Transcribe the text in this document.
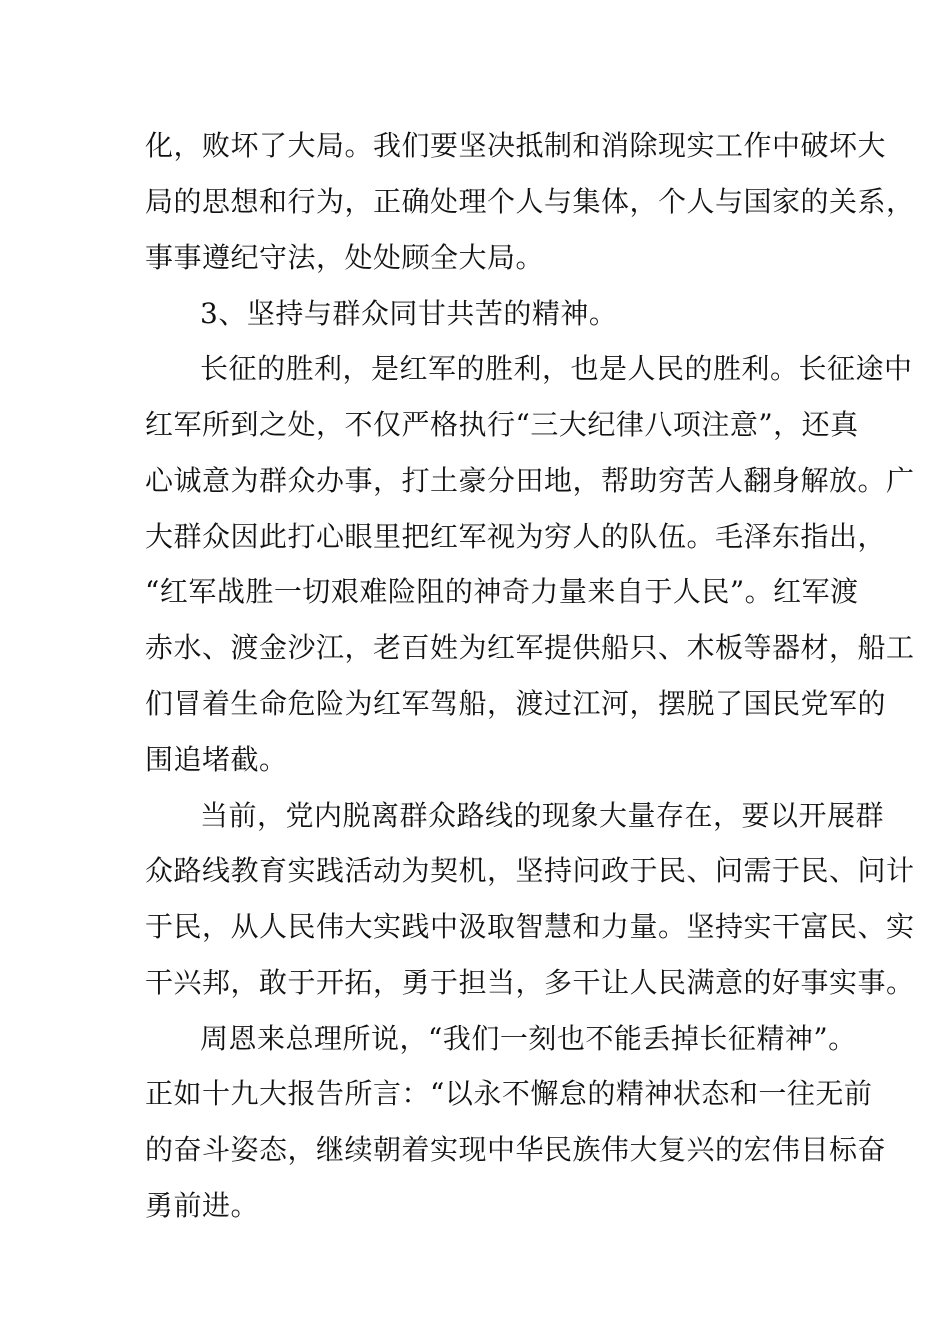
化，败坏了大局。我们要坚决抵制和消除现实工作中破坏大
局的思想和行为，正确处理个人与集体，个人与国家的关系，
事事遵纪守法，处处顾全大局。
3、坚持与群众同甘共苦的精神。
长征的胜利，是红军的胜利，也是人民的胜利。长征途中
红军所到之处，不仅严格执行“三大纪律八项注意”，还真
心诚意为群众办事，打土豪分田地，帮助穷苦人翻身解放。广
大群众因此打心眼里把红军视为穷人的队伍。毛泽东指出，
“红军战胜一切艰难险阻的神奇力量来自于人民”。红军渡
赤水、渡金沙江，老百姓为红军提供船只、木板等器材，船工
们冒着生命危险为红军驾船，渡过江河，摆脱了国民党军的
围追堵截。
当前，党内脱离群众路线的现象大量存在，要以开展群
众路线教育实践活动为契机，坚持问政于民、问需于民、问计
于民，从人民伟大实践中汲取智慧和力量。坚持实干富民、实
干兴邦，敢于开拓，勇于担当，多干让人民满意的好事实事。
周恩来总理所说，“我们一刻也不能丢掉长征精神”。
正如十九大报告所言：“以永不懈怠的精神状态和一往无前
的奋斗姿态，继续朝着实现中华民族伟大复兴的宏伟目标奋
勇前进。
